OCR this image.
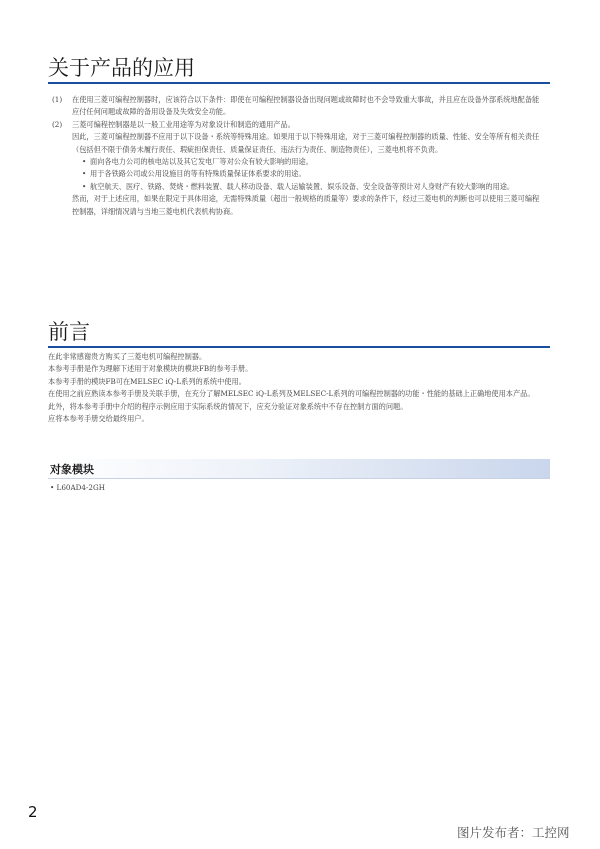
关于产品的应用
(1) 在使用三菱可编程控制器时，应该符合以下条件：即使在可编程控制器设备出现问题或故障时也不会导致重大事故，并且应在设备外部系统地配备能应付任何问题或故障的备用设备及失效安全功能。

(2) 三菱可编程控制器是以一般工业用途等为对象设计和制造的通用产品。

因此，三菱可编程控制器不应用于以下设备・系统等特殊用途。如果用于以下特殊用途，对于三菱可编程控制器的质量、性能、安全等所有相关责任（包括但不限于债务未履行责任、瑕疵担保责任、质量保证责任、违法行为责任、制造物责任），三菱电机将不负责。

• 面向各电力公司的核电站以及其它发电厂等对公众有较大影响的用途。

• 用于各铁路公司或公用设施目的等有特殊质量保证体系要求的用途。

• 航空航天、医疗、铁路、焚烧・燃料装置、载人移动设备、载人运输装置、娱乐设备、安全设备等预计对人身财产有较大影响的用途。

然而，对于上述应用，如果在限定于具体用途，无需特殊质量（超出一般规格的质量等）要求的条件下，经过三菱电机的判断也可以使用三菱可编程控制器，详细情况请与当地三菱电机代表机构协商。

前言

在此非常感谢贵方购买了三菱电机可编程控制器。

本参考手册是作为理解下述用于对象模块的模块FB的参考手册。

本参考手册的模块FB可在MELSEC iQ-L系列的系统中使用。

在使用之前应熟读本参考手册及关联手册，在充分了解MELSEC iQ-L系列及MELSEC-L系列的可编程控制器的功能・性能的基础上正确地使用本产品。

此外，将本参考手册中介绍的程序示例应用于实际系统的情况下，应充分验证对象系统中不存在控制方面的问题。

应将本参考手册交给最终用户。

对象模块
• L60AD4-2GH
2
图片发布者：工控网
